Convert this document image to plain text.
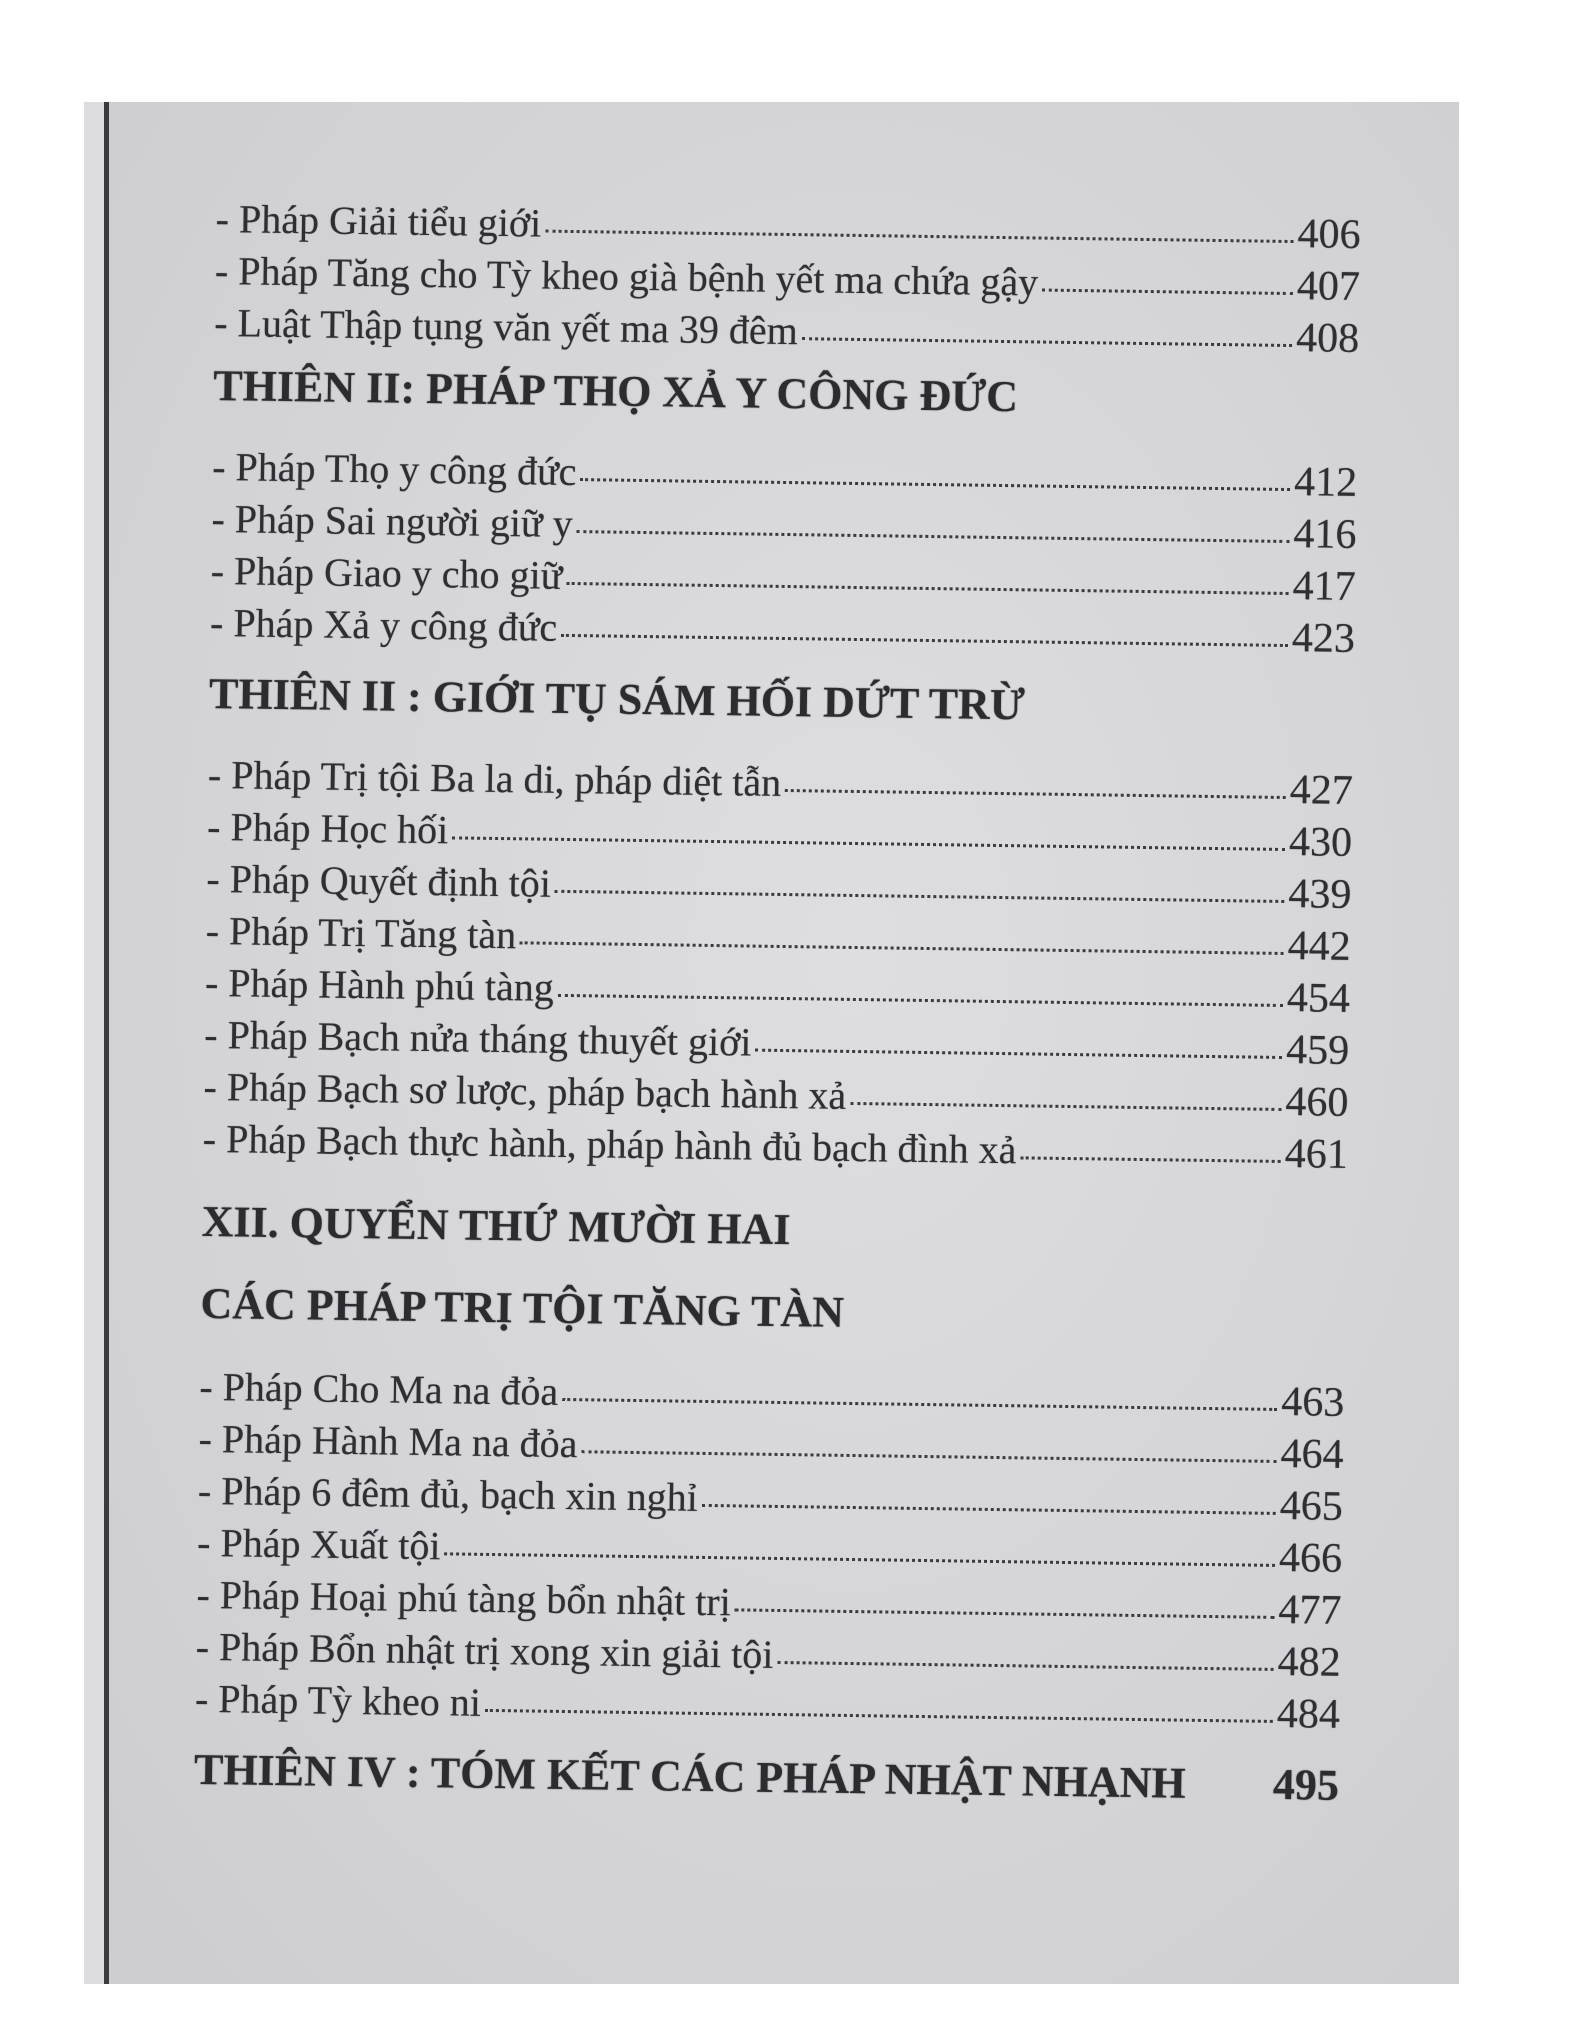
- Pháp Giải tiểu giới	406
- Pháp Tăng cho Tỳ kheo già bệnh yết ma chứa gậy	407
- Luật Thập tụng văn yết ma 39 đêm	408
THIÊN II: PHÁP THỌ XẢ Y CÔNG ĐỨC
- Pháp Thọ y công đức	412
- Pháp Sai người giữ y	416
- Pháp Giao y cho giữ	417
- Pháp Xả y công đức	423
THIÊN II : GIỚI TỤ SÁM HỐI DỨT TRỪ
- Pháp Trị tội Ba la di, pháp diệt tẫn	427
- Pháp Học hối	430
- Pháp Quyết định tội	439
- Pháp Trị Tăng tàn	442
- Pháp Hành phú tàng	454
- Pháp Bạch nửa tháng thuyết giới	459
- Pháp Bạch sơ lược, pháp bạch hành xả	460
- Pháp Bạch thực hành, pháp hành đủ bạch đình xả	461
XII. QUYỂN THỨ MƯỜI HAI
CÁC PHÁP TRỊ TỘI TĂNG TÀN
- Pháp Cho Ma na đỏa	463
- Pháp Hành Ma na đỏa	464
- Pháp 6 đêm đủ, bạch xin nghỉ	465
- Pháp Xuất tội	466
- Pháp Hoại phú tàng bổn nhật trị	477
- Pháp Bổn nhật trị xong xin giải tội	482
- Pháp Tỳ kheo ni	484
THIÊN IV : TÓM KẾT CÁC PHÁP NHẬT NHẠNH 495
